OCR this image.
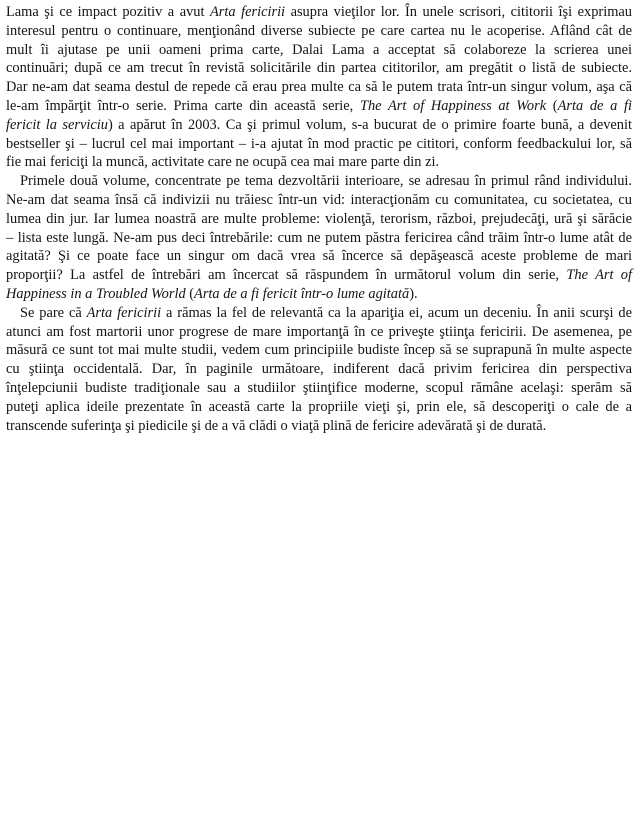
Lama şi ce impact pozitiv a avut Arta fericirii asupra vieţilor lor. În unele scrisori, cititorii îşi exprimau
interesul pentru o continuare, menţionând diverse subiecte pe care cartea nu le acoperise. Aflând cât de
mult îi ajutase pe unii oameni prima carte, Dalai Lama a acceptat să colaboreze la scrierea unei
continuări; după ce am trecut în revistă solicitările din partea cititorilor, am pregătit o listă de subiecte.
Dar ne-am dat seama destul de repede că erau prea multe ca să le putem trata într-un singur volum, aşa că
le-am împărţit într-o serie. Prima carte din această serie, The Art of Happiness at Work (Arta de a fi
fericit la serviciu) a apărut în 2003. Ca şi primul volum, s-a bucurat de o primire foarte bună, a devenit
bestseller şi – lucrul cel mai important – i-a ajutat în mod practic pe cititori, conform feedbackului lor, să
fie mai fericiţi la muncă, activitate care ne ocupă cea mai mare parte din zi.
Primele două volume, concentrate pe tema dezvoltării interioare, se adresau în primul rând individului.
Ne-am dat seama însă că indivizii nu trăiesc într-un vid: interacţionăm cu comunitatea, cu societatea, cu
lumea din jur. Iar lumea noastră are multe probleme: violenţă, terorism, război, prejudecăţi, ură şi sărăcie
– lista este lungă. Ne-am pus deci întrebările: cum ne putem păstra fericirea când trăim într-o lume atât de
agitată? Şi ce poate face un singur om dacă vrea să încerce să depăşească aceste probleme de mari
proporţii? La astfel de întrebări am încercat să răspundem în următorul volum din serie, The Art of
Happiness in a Troubled World (Arta de a fi fericit într-o lume agitată).
Se pare că Arta fericirii a rămas la fel de relevantă ca la apariţia ei, acum un deceniu. În anii scurşi de
atunci am fost martorii unor progrese de mare importanţă în ce priveşte ştiinţa fericirii. De asemenea, pe
măsură ce sunt tot mai multe studii, vedem cum principiile budiste încep să se suprapună în multe aspecte
cu ştiinţa occidentală. Dar, în paginile următoare, indiferent dacă privim fericirea din perspectiva
înţelepciunii budiste tradiţionale sau a studiilor ştiinţifice moderne, scopul rămâne acelaşi: sperăm să
puteţi aplica ideile prezentate în această carte la propriile vieţi şi, prin ele, să descoperiţi o cale de a
transcende suferinţa şi piedicile şi de a vă clădi o viaţă plină de fericire adevărată şi de durată.
